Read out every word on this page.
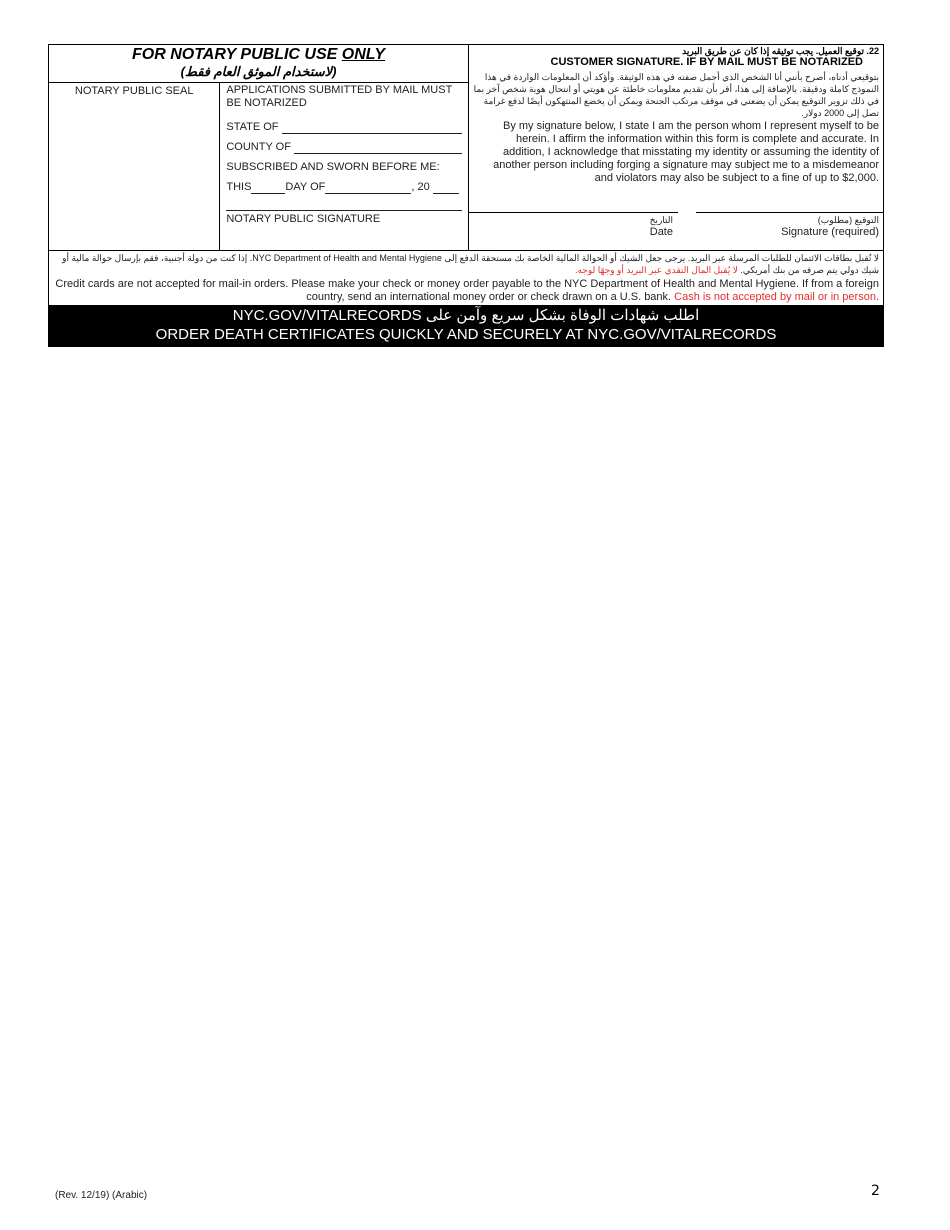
FOR NOTARY PUBLIC USE ONLY
(لاستخدام الموثق العام فقط)
NOTARY PUBLIC SEAL	APPLICATIONS SUBMITTED BY MAIL MUST BE NOTARIZED
STATE OF
COUNTY OF
SUBSCRIBED AND SWORN BEFORE ME:
THIS	DAY OF	, 20
NOTARY PUBLIC SIGNATURE
22. توقيع العميل. يجب توثيقه إذا كان عن طريق البريد
CUSTOMER SIGNATURE. IF BY MAIL MUST BE NOTARIZED
بتوقيعي أدناه، أصرح بأنني أنا الشخص الذي أحمل صفته في هذه الوثيقة. وأؤكد أن المعلومات الواردة في هذا النموذج كاملة ودقيقة. بالإضافة إلى هذا، أقر بأن تقديم معلومات خاطئة عن هويتي أو انتحال هوية شخص آخر بما في ذلك تزوير التوقيع يمكن أن يضعني في موقف مرتكب الجنحة ويمكن أن يخضع المنتهكون أيضًا لدفع غرامة تصل إلى 2000 دولار.
By my signature below, I state I am the person whom I represent myself to be herein. I affirm the information within this form is complete and accurate. In addition, I acknowledge that misstating my identity or assuming the identity of another person including forging a signature may subject me to a misdemeanor and violators may also be subject to a fine of up to $2,000.
التاريخ
Date
التوقيع (مطلوب)
Signature (required)
لا تُقبل بطاقات الائتمان للطلبات المرسلة عبر البريد. يرجى جعل الشيك أو الحوالة المالية الخاصة بك مستحقة الدفع إلى NYC Department of Health and Mental Hygiene. إذا كنت من دولة أجنبية، فقم بإرسال حوالة مالية أو شيك دولي يتم صرفه من بنك أمريكي. لا يُقبل المال النقدي عبر البريد أو وجهًا لوجه.
Credit cards are not accepted for mail-in orders. Please make your check or money order payable to the NYC Department of Health and Mental Hygiene. If from a foreign country, send an international money order or check drawn on a U.S. bank. Cash is not accepted by mail or in person.
اطلب شهادات الوفاة بشكل سريع وآمن على NYC.GOV/VITALRECORDS
ORDER DEATH CERTIFICATES QUICKLY AND SECURELY AT NYC.GOV/VITALRECORDS
(Rev. 12/19) (Arabic)	2
